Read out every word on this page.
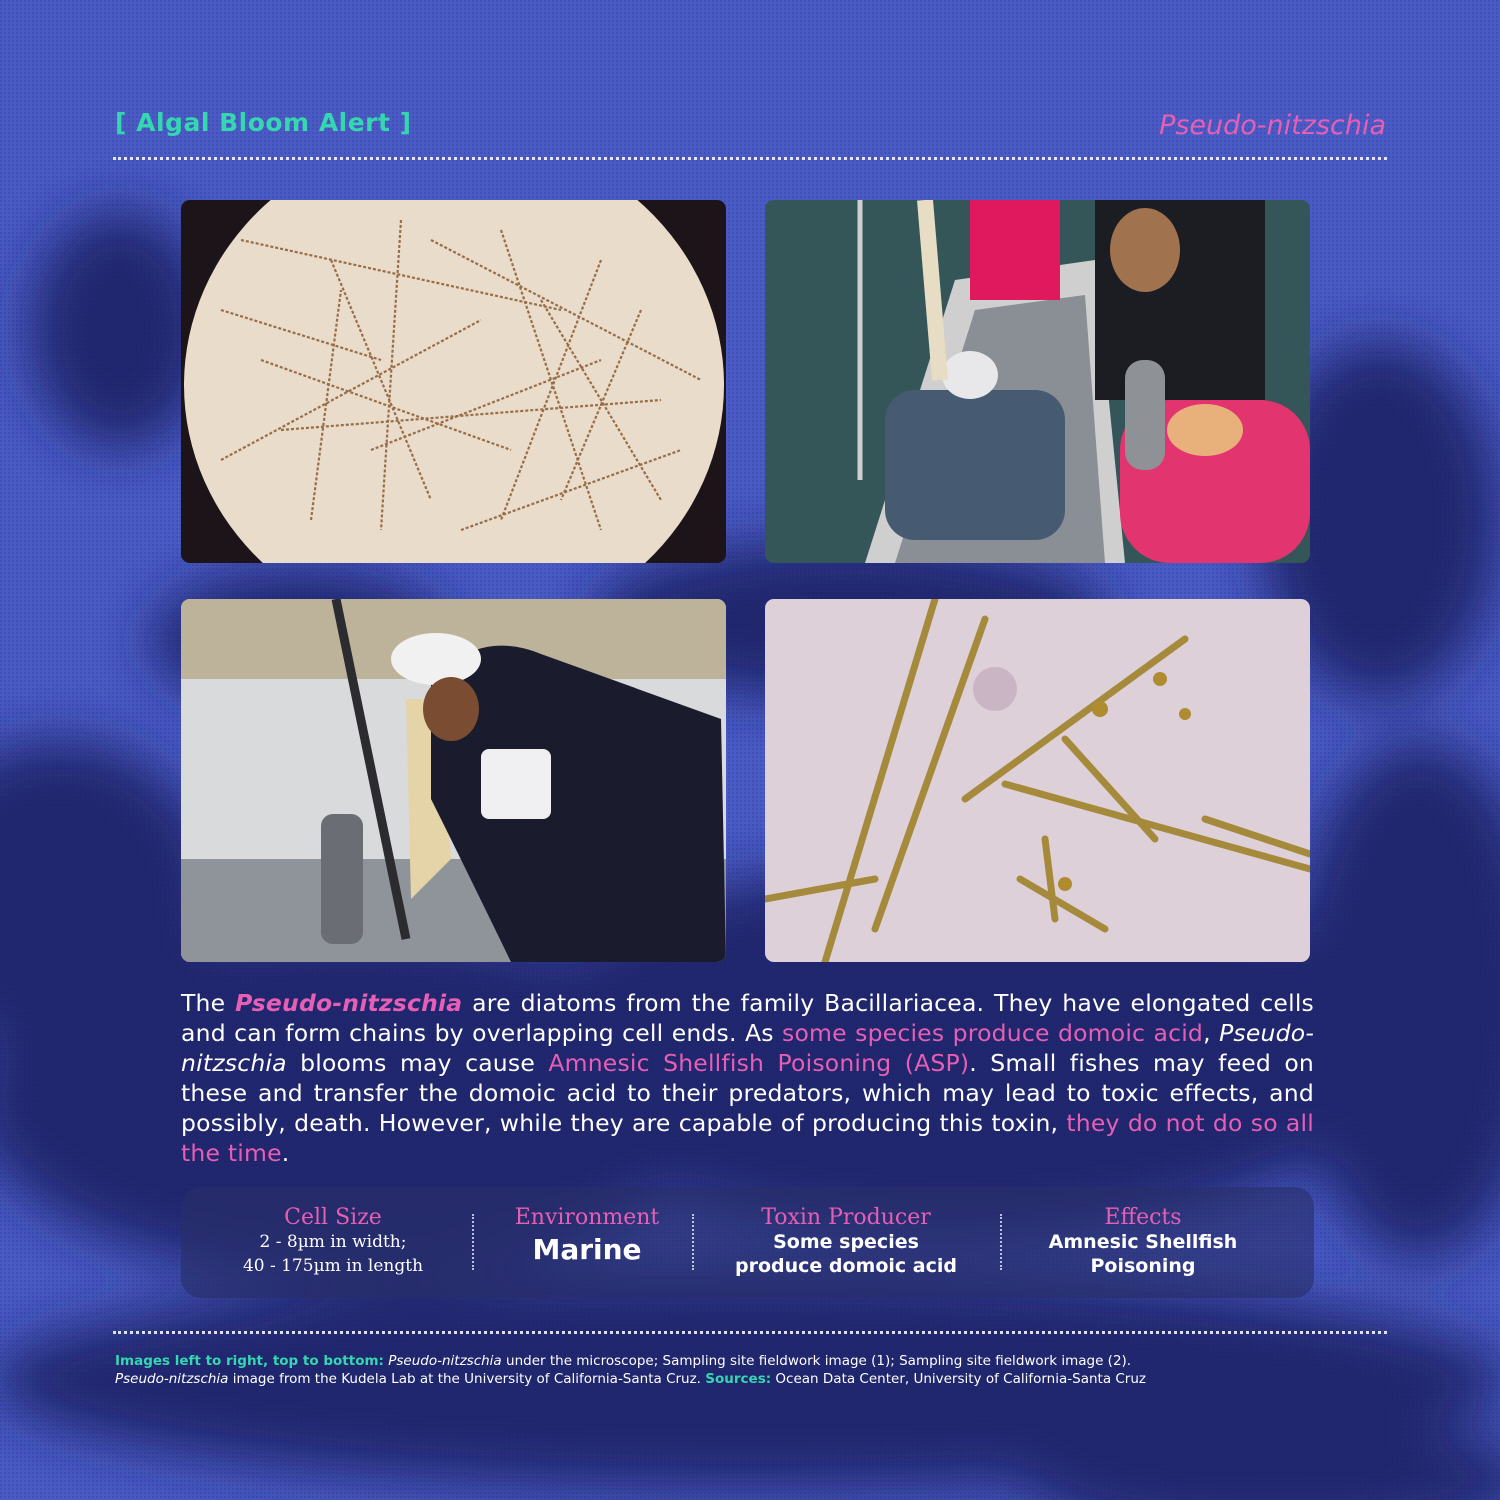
[ Algal Bloom Alert ]	Pseudo-nitzschia

The Pseudo-nitzschia are diatoms from the family Bacillariacea. They have elongated cells and can form chains by overlapping cell ends. As some species produce domoic acid, Pseudo-nitzschia blooms may cause Amnesic Shellfish Poisoning (ASP). Small fishes may feed on these and transfer the domoic acid to their predators, which may lead to toxic effects, and possibly, death. However, while they are capable of producing this toxin, they do not do so all the time.

Cell Size
2 - 8µm in width;
40 - 175µm in length
Environment
Marine
Toxin Producer
Some species
produce domoic acid
Effects
Amnesic Shellfish
Poisoning

Images left to right, top to bottom: Pseudo-nitzschia under the microscope; Sampling site fieldwork image (1); Sampling site fieldwork image (2).
Pseudo-nitzschia image from the Kudela Lab at the University of California-Santa Cruz. Sources: Ocean Data Center, University of California-Santa Cruz
